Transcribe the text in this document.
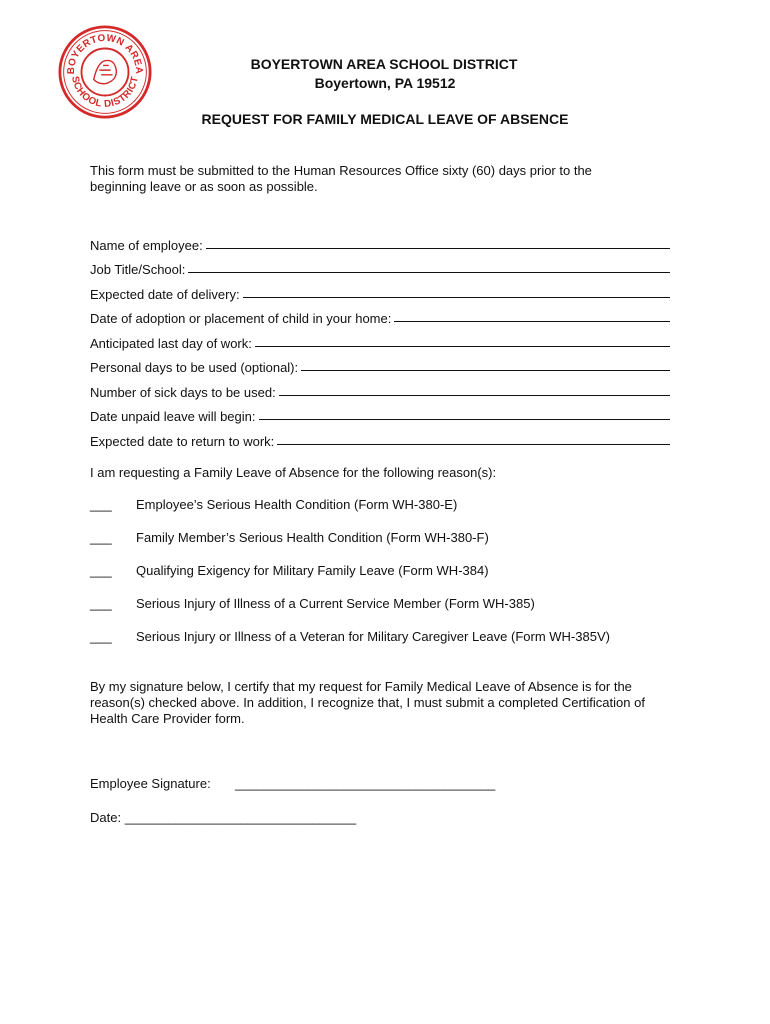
BOYERTOWN AREA
SCHOOL DISTRICT
BOYERTOWN AREA SCHOOL DISTRICT
Boyertown, PA 19512
REQUEST FOR FAMILY MEDICAL LEAVE OF ABSENCE
This form must be submitted to the Human Resources Office sixty (60) days prior to the beginning leave or as soon as possible.
Name of employee:
Job Title/School:
Expected date of delivery:
Date of adoption or placement of child in your home:
Anticipated last day of work:
Personal days to be used (optional):
Number of sick days to be used:
Date unpaid leave will begin:
Expected date to return to work:
I am requesting a Family Leave of Absence for the following reason(s):
___ Employee’s Serious Health Condition (Form WH-380-E)
___ Family Member’s Serious Health Condition (Form WH-380-F)
___ Qualifying Exigency for Military Family Leave (Form WH-384)
___ Serious Injury of Illness of a Current Service Member (Form WH-385)
___ Serious Injury or Illness of a Veteran for Military Caregiver Leave (Form WH-385V)
By my signature below, I certify that my request for Family Medical Leave of Absence is for the reason(s) checked above. In addition, I recognize that, I must submit a completed Certification of Health Care Provider form.
Employee Signature: ____________________________________
Date: ________________________________
